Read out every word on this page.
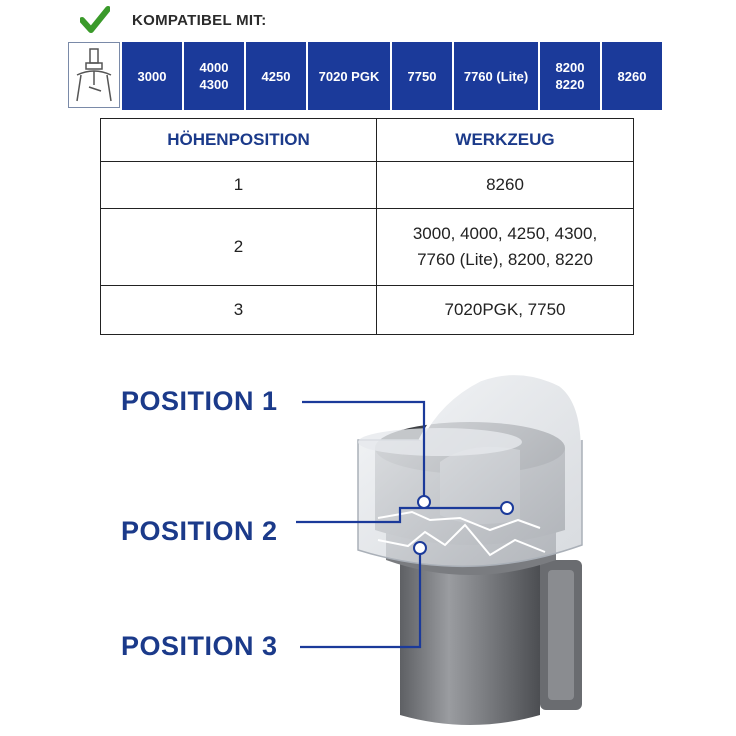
KOMPATIBEL MIT:
3000
4000
4300
4250 7020 PGK 7750 7760 (Lite)
8200
8220
8260
HÖHENPOSITION	WERKZEUG
1	8260
2	3000, 4000, 4250, 4300,
7760 (Lite), 8200, 8220

3	7020PGK, 7750
POSITION 1
POSITION 2
POSITION 3
